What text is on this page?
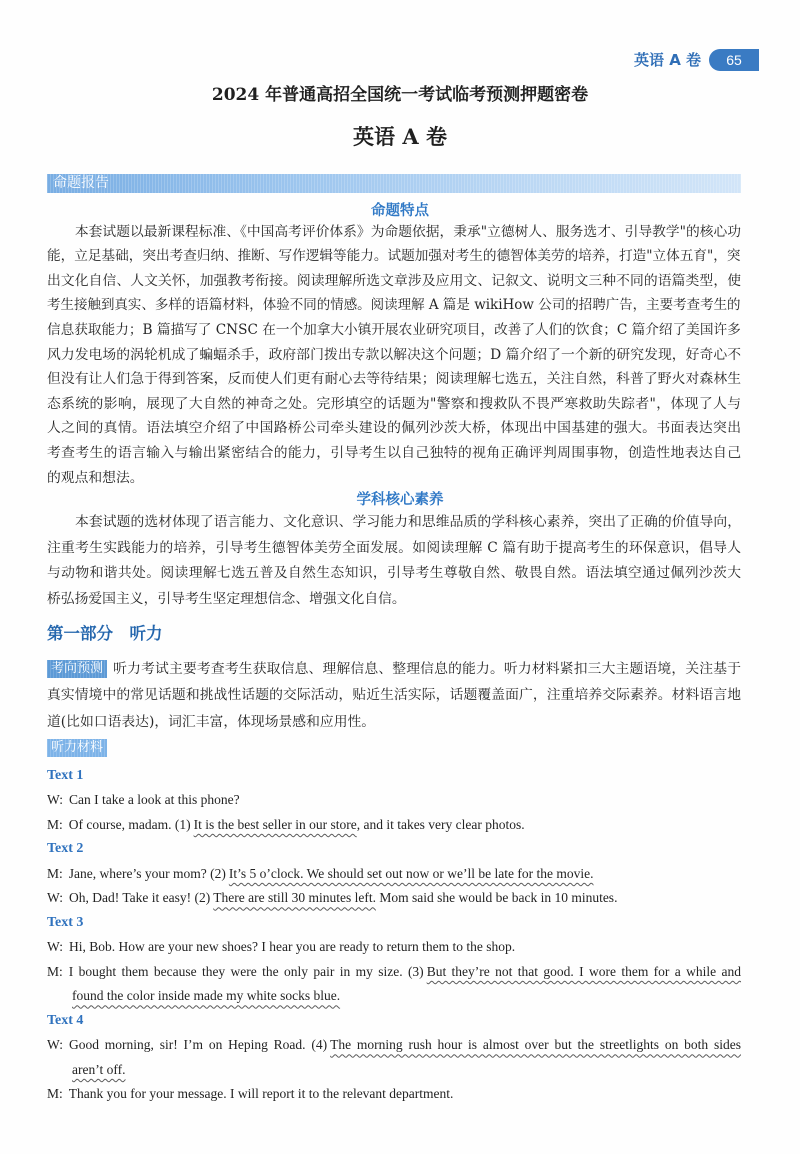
英语 A 卷	65
2024 年普通高招全国统一考试临考预测押题密卷
英语 A 卷
命题报告
命题特点
本套试题以最新课程标准、《中国高考评价体系》为命题依据，秉承"立德树人、服务选才、引导教学"的核心功
能，立足基础，突出考查归纳、推断、写作逻辑等能力。试题加强对考生的德智体美劳的培养，打造"立体五育"，突
出文化自信、人文关怀，加强教考衔接。阅读理解所选文章涉及应用文、记叙文、说明文三种不同的语篇类型，使
考生接触到真实、多样的语篇材料，体验不同的情感。阅读理解 A 篇是 wikiHow 公司的招聘广告，主要考查考生的
信息获取能力；B 篇描写了 CNSC 在一个加拿大小镇开展农业研究项目，改善了人们的饮食；C 篇介绍了美国许多
风力发电场的涡轮机成了蝙蝠杀手，政府部门拨出专款以解决这个问题；D 篇介绍了一个新的研究发现，好奇心不
但没有让人们急于得到答案，反而使人们更有耐心去等待结果；阅读理解七选五，关注自然，科普了野火对森林生
态系统的影响，展现了大自然的神奇之处。完形填空的话题为"警察和搜救队不畏严寒救助失踪者"，体现了人与
人之间的真情。语法填空介绍了中国路桥公司牵头建设的佩列沙茨大桥，体现出中国基建的强大。书面表达突出
考查考生的语言输入与输出紧密结合的能力，引导考生以自己独特的视角正确评判周围事物，创造性地表达自己
的观点和想法。
学科核心素养
本套试题的选材体现了语言能力、文化意识、学习能力和思维品质的学科核心素养，突出了正确的价值导向，
注重考生实践能力的培养，引导考生德智体美劳全面发展。如阅读理解 C 篇有助于提高考生的环保意识，倡导人
与动物和谐共处。阅读理解七选五普及自然生态知识，引导考生尊敬自然、敬畏自然。语法填空通过佩列沙茨大
桥弘扬爱国主义，引导考生坚定理想信念、增强文化自信。
第一部分　听力
考向预测 听力考试主要考查考生获取信息、理解信息、整理信息的能力。听力材料紧扣三大主题语境，关注基于
真实情境中的常见话题和挑战性话题的交际活动，贴近生活实际，话题覆盖面广，注重培养交际素养。材料语言地
道(比如口语表达)，词汇丰富，体现场景感和应用性。
听力材料
Text 1
W: Can I take a look at this phone?
M: Of course, madam. (1) It is the best seller in our store, and it takes very clear photos.
Text 2
M: Jane, where’s your mom? (2) It’s 5 o’clock. We should set out now or we’ll be late for the movie.
W: Oh, Dad! Take it easy! (2) There are still 30 minutes left. Mom said she would be back in 10 minutes.
Text 3
W: Hi, Bob. How are your new shoes? I hear you are ready to return them to the shop.
M: I bought them because they were the only pair in my size. (3) But they’re not that good. I wore them for a while and
found the color inside made my white socks blue.
Text 4
W: Good morning, sir! I’m on Heping Road. (4) The morning rush hour is almost over but the streetlights on both sides
aren’t off.
M: Thank you for your message. I will report it to the relevant department.
